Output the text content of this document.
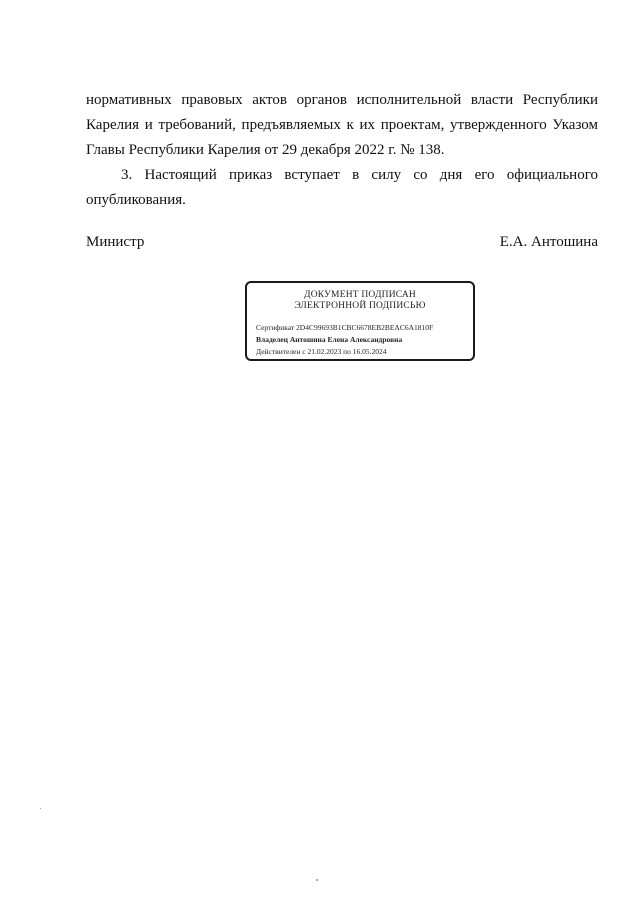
нормативных правовых актов органов исполнительной власти Республики
Карелия и требований, предъявляемых к их проектам, утвержденного Указом
Главы Республики Карелия от 29 декабря 2022 г. № 138.
3. Настоящий приказ вступает в силу со дня его официального
опубликования.
Министр	Е.А. Антошина
ДОКУМЕНТ ПОДПИСАН
ЭЛЕКТРОННОЙ ПОДПИСЬЮ
Сертификат 2D4C99693B1CBC6678EB2BEAC6A1810F
Владелец Антошина Елена Александровна
Действителен с 21.02.2023 по 16.05.2024
